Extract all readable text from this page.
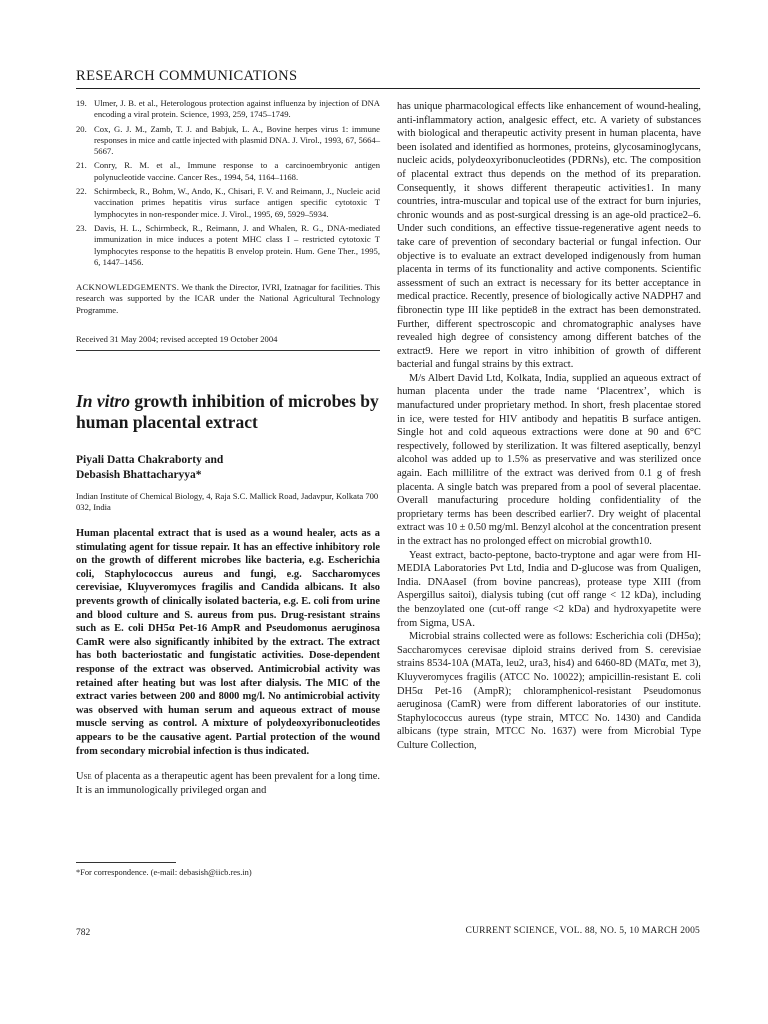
RESEARCH COMMUNICATIONS
19. Ulmer, J. B. et al., Heterologous protection against influenza by injection of DNA encoding a viral protein. Science, 1993, 259, 1745–1749.
20. Cox, G. J. M., Zamb, T. J. and Babjuk, L. A., Bovine herpes virus 1: immune responses in mice and cattle injected with plasmid DNA. J. Virol., 1993, 67, 5664–5667.
21. Conry, R. M. et al., Immune response to a carcinoembryonic antigen polynucleotide vaccine. Cancer Res., 1994, 54, 1164–1168.
22. Schirmbeck, R., Bohm, W., Ando, K., Chisari, F. V. and Reimann, J., Nucleic acid vaccination primes hepatitis virus surface antigen specific cytotoxic T lymphocytes in non-responder mice. J. Virol., 1995, 69, 5929–5934.
23. Davis, H. L., Schirmbeck, R., Reimann, J. and Whalen, R. G., DNA-mediated immunization in mice induces a potent MHC class I – restricted cytotoxic T lymphocytes response to the hepatitis B envelop protein. Hum. Gene Ther., 1995, 6, 1447–1456.
ACKNOWLEDGEMENTS. We thank the Director, IVRI, Izatnagar for facilities. This research was supported by the ICAR under the National Agricultural Technology Programme.
Received 31 May 2004; revised accepted 19 October 2004
In vitro growth inhibition of microbes by human placental extract
Piyali Datta Chakraborty and
Debasish Bhattacharyya*
Indian Institute of Chemical Biology, 4, Raja S.C. Mallick Road, Jadavpur, Kolkata 700 032, India

Human placental extract that is used as a wound healer, acts as a stimulating agent for tissue repair. It has an effective inhibitory role on the growth of different microbes like bacteria, e.g. Escherichia coli, Staphylococcus aureus and fungi, e.g. Saccharomyces cerevisiae, Kluyveromyces fragilis and Candida albicans. It also prevents growth of clinically isolated bacteria, e.g. E. coli from urine and blood culture and S. aureus from pus. Drug-resistant strains such as E. coli DH5α Pet-16 AmpR and Pseudomonus aeruginosa CamR were also significantly inhibited by the extract. The extract has both bacteriostatic and fungistatic activities. Dose-dependent response of the extract was observed. Antimicrobial activity was retained after heating but was lost after dialysis. The MIC of the extract varies between 200 and 8000 mg/l. No antimicrobial activity was observed with human serum and aqueous extract of mouse muscle serving as control. A mixture of polydeoxyribonucleotides appears to be the causative agent. Partial protection of the wound from secondary microbial infection is thus indicated.

Use of placenta as a therapeutic agent has been prevalent for a long time. It is an immunologically privileged organ and

has unique pharmacological effects like enhancement of wound-healing, anti-inflammatory action, analgesic effect, etc. A variety of substances with biological and therapeutic activity present in human placenta, have been isolated and identified as hormones, proteins, glycosaminoglycans, nucleic acids, polydeoxyribonucleotides (PDRNs), etc. The composition of placental extract thus depends on the method of its preparation. Consequently, it shows different therapeutic activities1. In many countries, intra-muscular and topical use of the extract for burn injuries, chronic wounds and as post-surgical dressing is an age-old practice2–6. Under such conditions, an effective tissue-regenerative agent needs to take care of prevention of secondary bacterial or fungal infection. Our objective is to evaluate an extract developed indigenously from human placenta in terms of its functionality and active components. Scientific assessment of such an extract is necessary for its better acceptance in medical practice. Recently, presence of biologically active NADPH7 and fibronectin type III like peptide8 in the extract has been demonstrated. Further, different spectroscopic and chromatographic analyses have revealed high degree of consistency among different batches of the extract9. Here we report in vitro inhibition of growth of different bacterial and fungal strains by this extract.

M/s Albert David Ltd, Kolkata, India, supplied an aqueous extract of human placenta under the trade name ‘Placentrex’, which is manufactured under proprietary method. In short, fresh placentae stored in ice, were tested for HIV antibody and hepatitis B surface antigen. Single hot and cold aqueous extractions were done at 90 and 6°C respectively, followed by sterilization. It was filtered aseptically, benzyl alcohol was added up to 1.5% as preservative and was sterilized once again. Each millilitre of the extract was derived from 0.1 g of fresh placenta. A single batch was prepared from a pool of several placentae. Overall manufacturing procedure holding confidentiality of the proprietary terms has been described earlier7. Dry weight of placental extract was 10 ± 0.50 mg/ml. Benzyl alcohol at the concentration present in the extract has no prolonged effect on microbial growth10.

Yeast extract, bacto-peptone, bacto-tryptone and agar were from HI-MEDIA Laboratories Pvt Ltd, India and D-glucose was from Qualigen, India. DNAaseI (from bovine pancreas), protease type XIII (from Aspergillus saitoi), dialysis tubing (cut off range < 12 kDa), including the benzoylated one (cut-off range <2 kDa) and hydroxyapetite were from Sigma, USA.

Microbial strains collected were as follows: Escherichia coli (DH5α); Saccharomyces cerevisae diploid strains derived from S. cerevisiae strains 8534-10A (MATa, leu2, ura3, his4) and 6460-8D (MATα, met 3), Kluyveromyces fragilis (ATCC No. 10022); ampicillin-resistant E. coli DH5α Pet-16 (AmpR); chloramphenicol-resistant Pseudomonus aeruginosa (CamR) were from different laboratories of our institute. Staphylococcus aureus (type strain, MTCC No. 1430) and Candida albicans (type strain, MTCC No. 1637) were from Microbial Type Culture Collection,

*For correspondence. (e-mail: debasish@iicb.res.in)
782	CURRENT SCIENCE, VOL. 88, NO. 5, 10 MARCH 2005
